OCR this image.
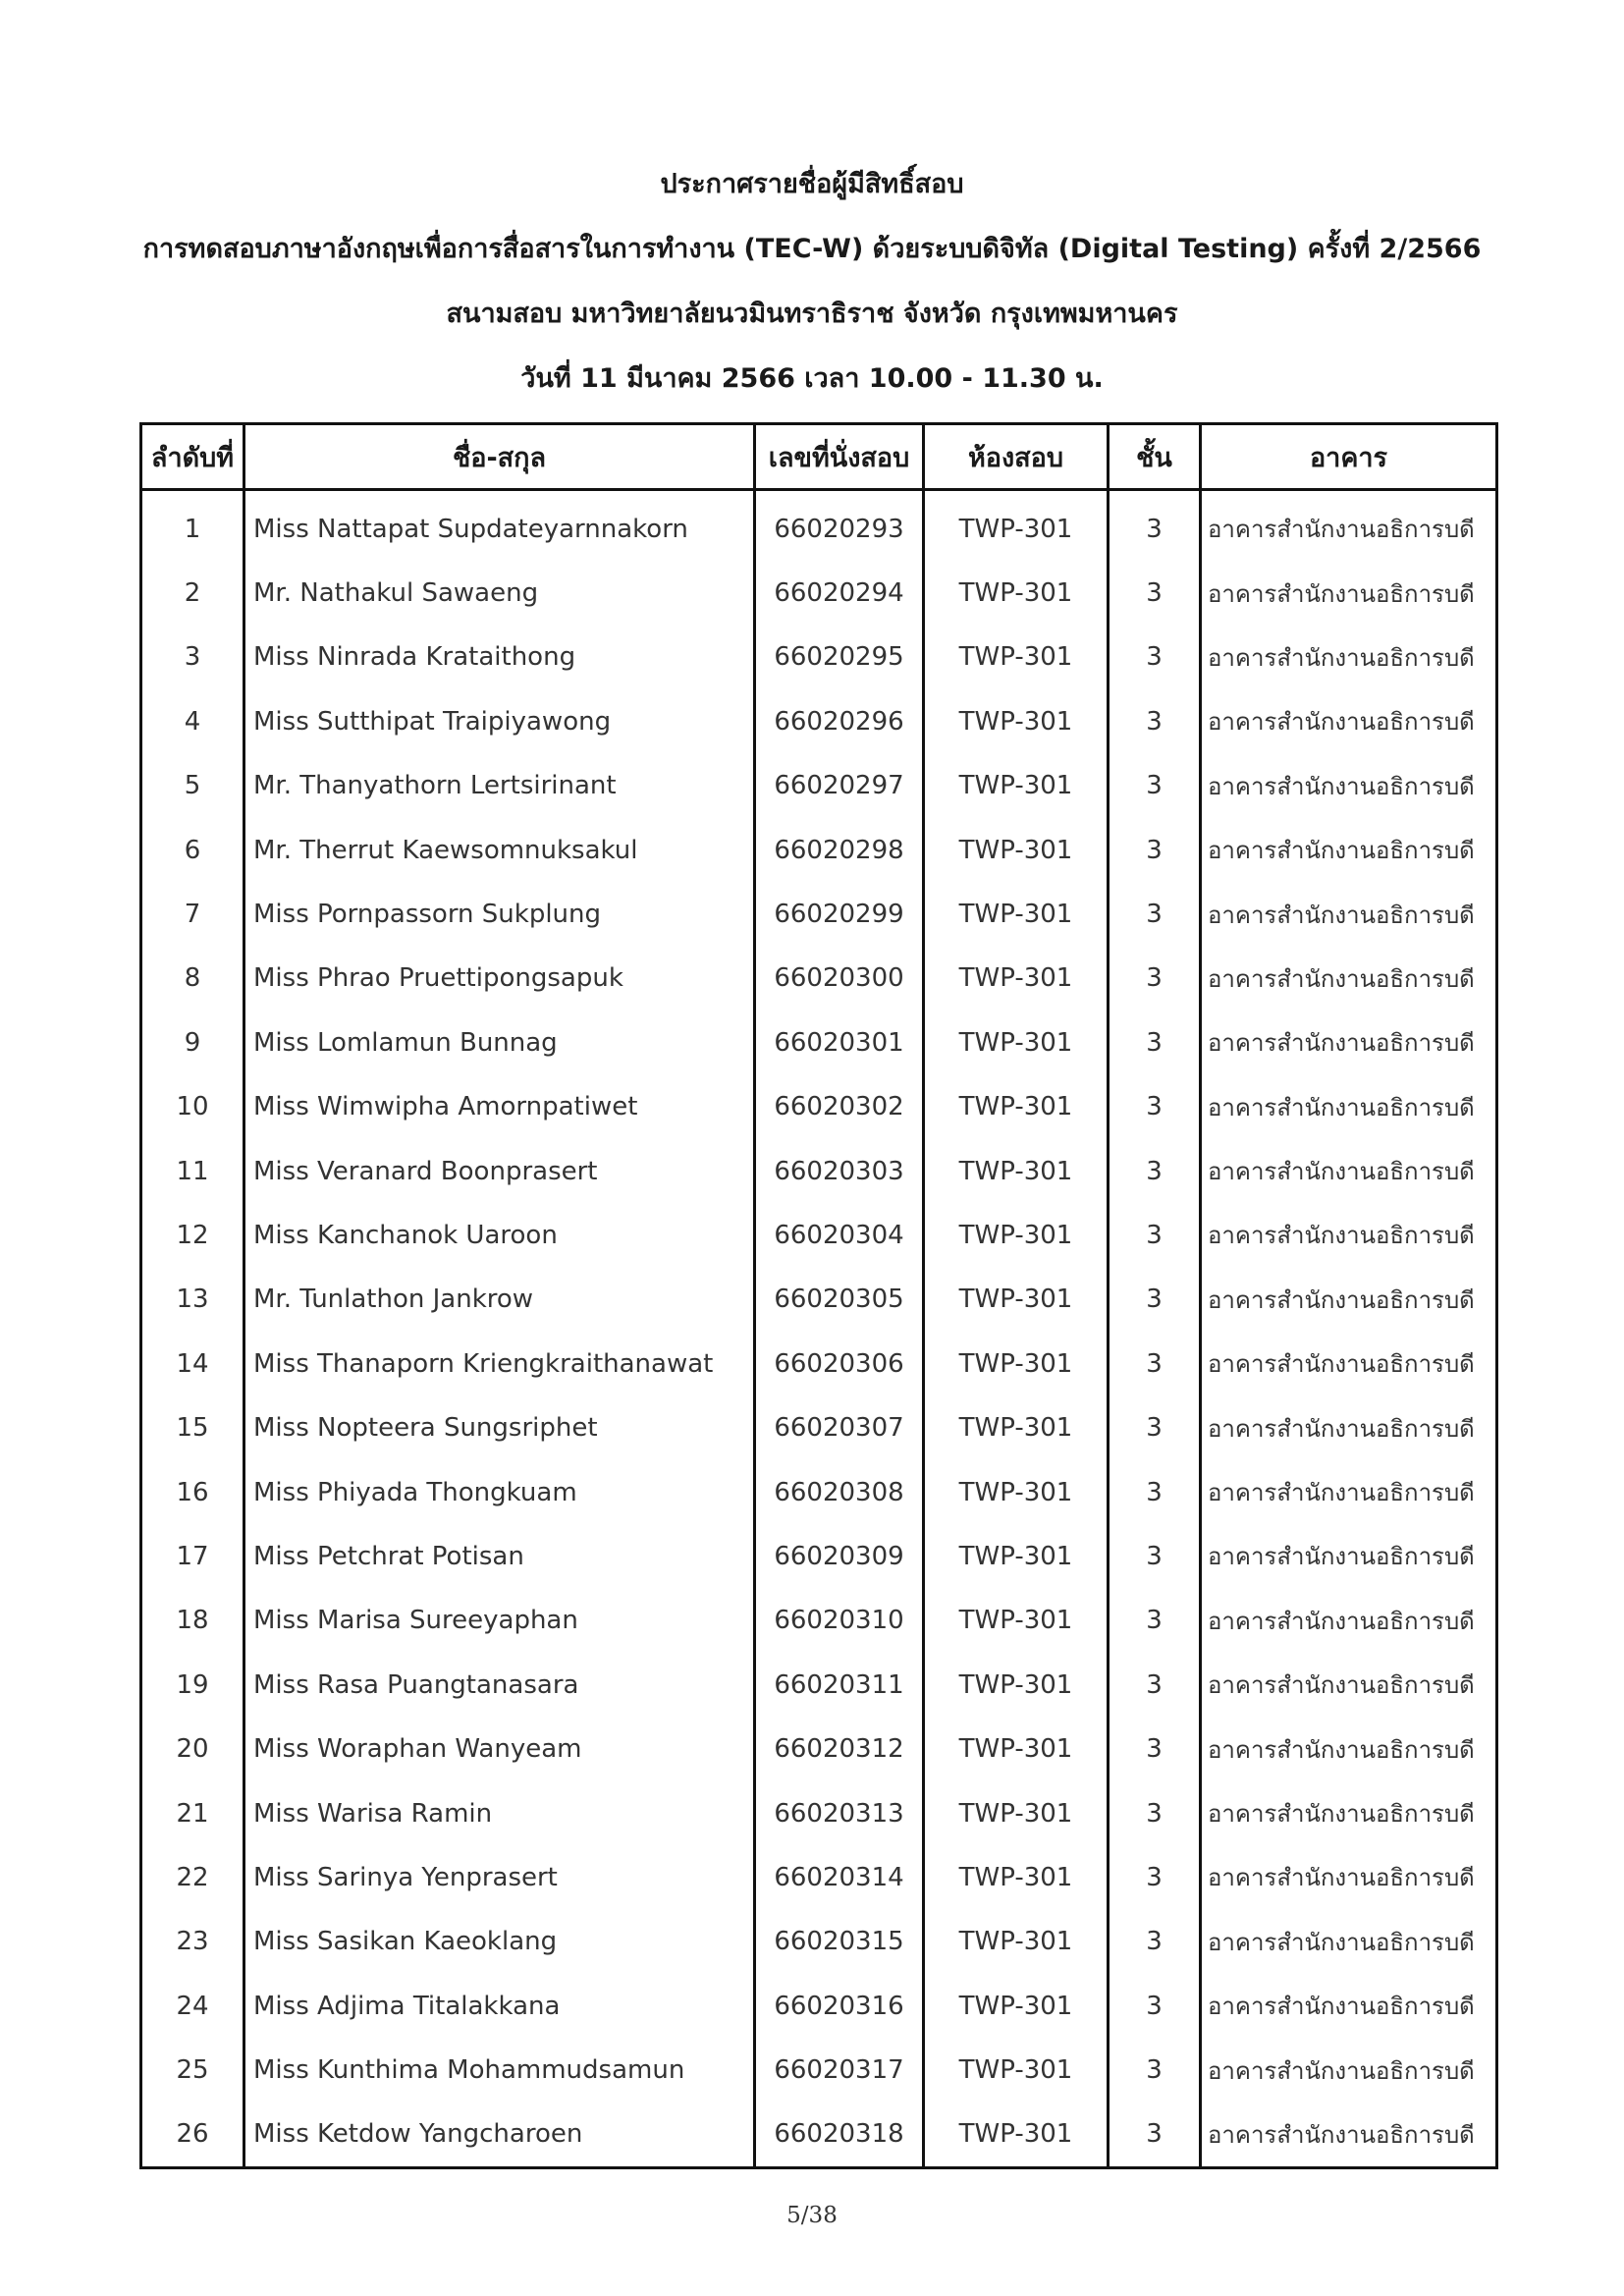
ประกาศรายชื่อผู้มีสิทธิ์สอบ
การทดสอบภาษาอังกฤษเพื่อการสื่อสารในการทำงาน (TEC-W) ด้วยระบบดิจิทัล (Digital Testing) ครั้งที่ 2/2566
สนามสอบ มหาวิทยาลัยนวมินทราธิราช จังหวัด กรุงเทพมหานคร
วันที่ 11 มีนาคม 2566 เวลา 10.00 - 11.30 น.
ลำดับที่	ชื่อ-สกุล	เลขที่นั่งสอบ	ห้องสอบ	ชั้น	อาคาร
1	Miss Nattapat Supdateyarnnakorn	66020293	TWP-301	3	อาคารสำนักงานอธิการบดี
2	Mr. Nathakul Sawaeng	66020294	TWP-301	3	อาคารสำนักงานอธิการบดี
3	Miss Ninrada Krataithong	66020295	TWP-301	3	อาคารสำนักงานอธิการบดี
4	Miss Sutthipat Traipiyawong	66020296	TWP-301	3	อาคารสำนักงานอธิการบดี
5	Mr. Thanyathorn Lertsirinant	66020297	TWP-301	3	อาคารสำนักงานอธิการบดี
6	Mr. Therrut Kaewsomnuksakul	66020298	TWP-301	3	อาคารสำนักงานอธิการบดี
7	Miss Pornpassorn Sukplung	66020299	TWP-301	3	อาคารสำนักงานอธิการบดี
8	Miss Phrao Pruettipongsapuk	66020300	TWP-301	3	อาคารสำนักงานอธิการบดี
9	Miss Lomlamun Bunnag	66020301	TWP-301	3	อาคารสำนักงานอธิการบดี
10	Miss Wimwipha Amornpatiwet	66020302	TWP-301	3	อาคารสำนักงานอธิการบดี
11	Miss Veranard Boonprasert	66020303	TWP-301	3	อาคารสำนักงานอธิการบดี
12	Miss Kanchanok Uaroon	66020304	TWP-301	3	อาคารสำนักงานอธิการบดี
13	Mr. Tunlathon Jankrow	66020305	TWP-301	3	อาคารสำนักงานอธิการบดี
14	Miss Thanaporn Kriengkraithanawat	66020306	TWP-301	3	อาคารสำนักงานอธิการบดี
15	Miss Nopteera Sungsriphet	66020307	TWP-301	3	อาคารสำนักงานอธิการบดี
16	Miss Phiyada Thongkuam	66020308	TWP-301	3	อาคารสำนักงานอธิการบดี
17	Miss Petchrat Potisan	66020309	TWP-301	3	อาคารสำนักงานอธิการบดี
18	Miss Marisa Sureeyaphan	66020310	TWP-301	3	อาคารสำนักงานอธิการบดี
19	Miss Rasa Puangtanasara	66020311	TWP-301	3	อาคารสำนักงานอธิการบดี
20	Miss Woraphan Wanyeam	66020312	TWP-301	3	อาคารสำนักงานอธิการบดี
21	Miss Warisa Ramin	66020313	TWP-301	3	อาคารสำนักงานอธิการบดี
22	Miss Sarinya Yenprasert	66020314	TWP-301	3	อาคารสำนักงานอธิการบดี
23	Miss Sasikan Kaeoklang	66020315	TWP-301	3	อาคารสำนักงานอธิการบดี
24	Miss Adjima Titalakkana	66020316	TWP-301	3	อาคารสำนักงานอธิการบดี
25	Miss Kunthima Mohammudsamun	66020317	TWP-301	3	อาคารสำนักงานอธิการบดี
26	Miss Ketdow Yangcharoen	66020318	TWP-301	3	อาคารสำนักงานอธิการบดี
5/38
